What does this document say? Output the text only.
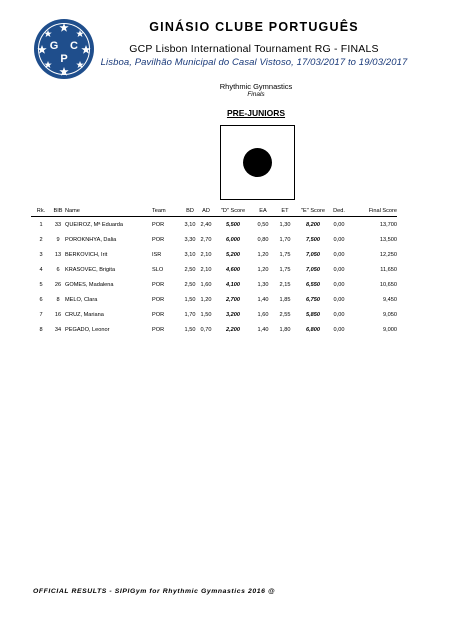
G C
P
GINÁSIO CLUBE PORTUGUÊS
GCP Lisbon International Tournament RG - FINALS
Lisboa, Pavilhão Municipal do Casal Vistoso, 17/03/2017 to 19/03/2017
Rhythmic Gymnastics
Finals
PRE-JUNIORS
Rk.	BIB	Name	Team	BD	AD	"D" Score	EA	ET	"E" Score	Ded.	Final Score
1	33	QUEIROZ, Mª Eduarda	POR	3,10	2,40	5,500	0,50	1,30	8,200	0,00	13,700
2	9	POROKNHYA, Dalia	POR	3,30	2,70	6,000	0,80	1,70	7,500	0,00	13,500
3	13	BERKOVICH, Irit	ISR	3,10	2,10	5,200	1,20	1,75	7,050	0,00	12,250
4	6	KRASOVEC, Brigita	SLO	2,50	2,10	4,600	1,20	1,75	7,050	0,00	11,650
5	26	GOMES, Madalena	POR	2,50	1,60	4,100	1,30	2,15	6,550	0,00	10,650
6	8	MELO, Clara	POR	1,50	1,20	2,700	1,40	1,85	6,750	0,00	9,450
7	16	CRUZ, Mariana	POR	1,70	1,50	3,200	1,60	2,55	5,850	0,00	9,050
8	34	PEGADO, Leonor	POR	1,50	0,70	2,200	1,40	1,80	6,800	0,00	9,000
OFFICIAL RESULTS - SIPIGym for Rhythmic Gymnastics 2016 @
